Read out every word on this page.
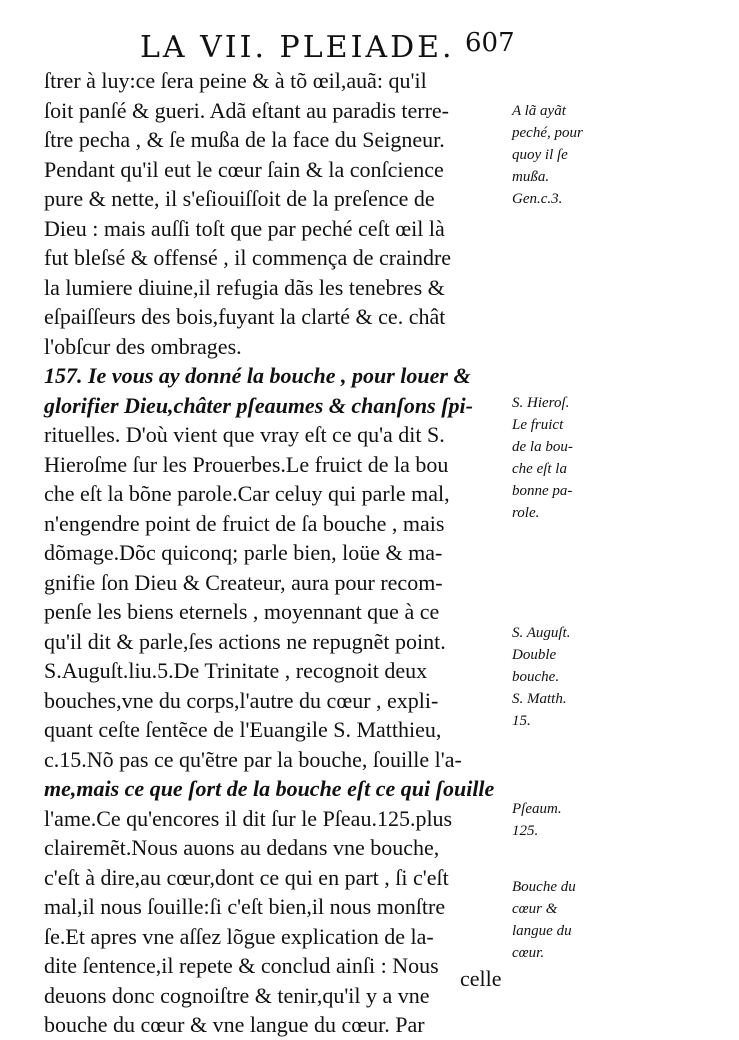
LA VII. PLEIADE. 607
ſtrer à luy:ce ſera peine & à tõ œil,auã: qu'il
ſoit panſé & gueri. Adã eſtant au paradis terre-
ſtre pecha , & ſe mußa de la face du Seigneur.
Pendant qu'il eut le cœur ſain & la conſcience
pure & nette, il s'eſiouiſſoit de la preſence de
Dieu : mais auſſi toſt que par peché ceſt œil là
fut bleſsé & offensé , il commença de craindre
la lumiere diuine,il refugia dãs les tenebres &
eſpaiſſeurs des bois,fuyant la clarté & ce. chât
l'obſcur des ombrages.
157. Ie vous ay donné la bouche , pour louer &
glorifier Dieu,châter pſeaumes & chanſons ſpi-
rituelles. D'où vient que vray eſt ce qu'a dit S.
Hieroſme ſur les Prouerbes.Le fruict de la bou
che eſt la bõne parole.Car celuy qui parle mal,
n'engendre point de fruict de ſa bouche , mais
dõmage.Dõc quiconq; parle bien, loüe & ma-
gnifie ſon Dieu & Createur, aura pour recom-
penſe les biens eternels , moyennant que à ce
qu'il dit & parle,ſes actions ne repugnẽt point.
S.Auguſt.liu.5.De Trinitate , recognoit deux
bouches,vne du corps,l'autre du cœur , expli-
quant ceſte ſentẽce de l'Euangile S. Matthieu,
c.15.Nõ pas ce qu'ẽtre par la bouche, ſouille l'a-
me,mais ce que ſort de la bouche eſt ce qui ſouille
l'ame.Ce qu'encores il dit ſur le Pſeau.125.plus
clairemẽt.Nous auons au dedans vne bouche,
c'eſt à dire,au cœur,dont ce qui en part , ſi c'eſt
mal,il nous ſouille:ſi c'eſt bien,il nous monſtre
ſe.Et apres vne aſſez lõgue explication de la-
dite ſentence,il repete & conclud ainſi : Nous
deuons donc cognoiſtre & tenir,qu'il y a vne
bouche du cœur & vne langue du cœur. Par
celle
A lã ayãt
peché, pour
quoy il ſe
mußa.
Gen.c.3.
S. Hieroſ.
Le fruict
de la bou-
che eſt la
bonne pa-
role.
S. Auguſt.
Double
bouche.
S. Matth.
15.
Pſeaum.
125.
Bouche du
cœur &
langue du
cœur.
